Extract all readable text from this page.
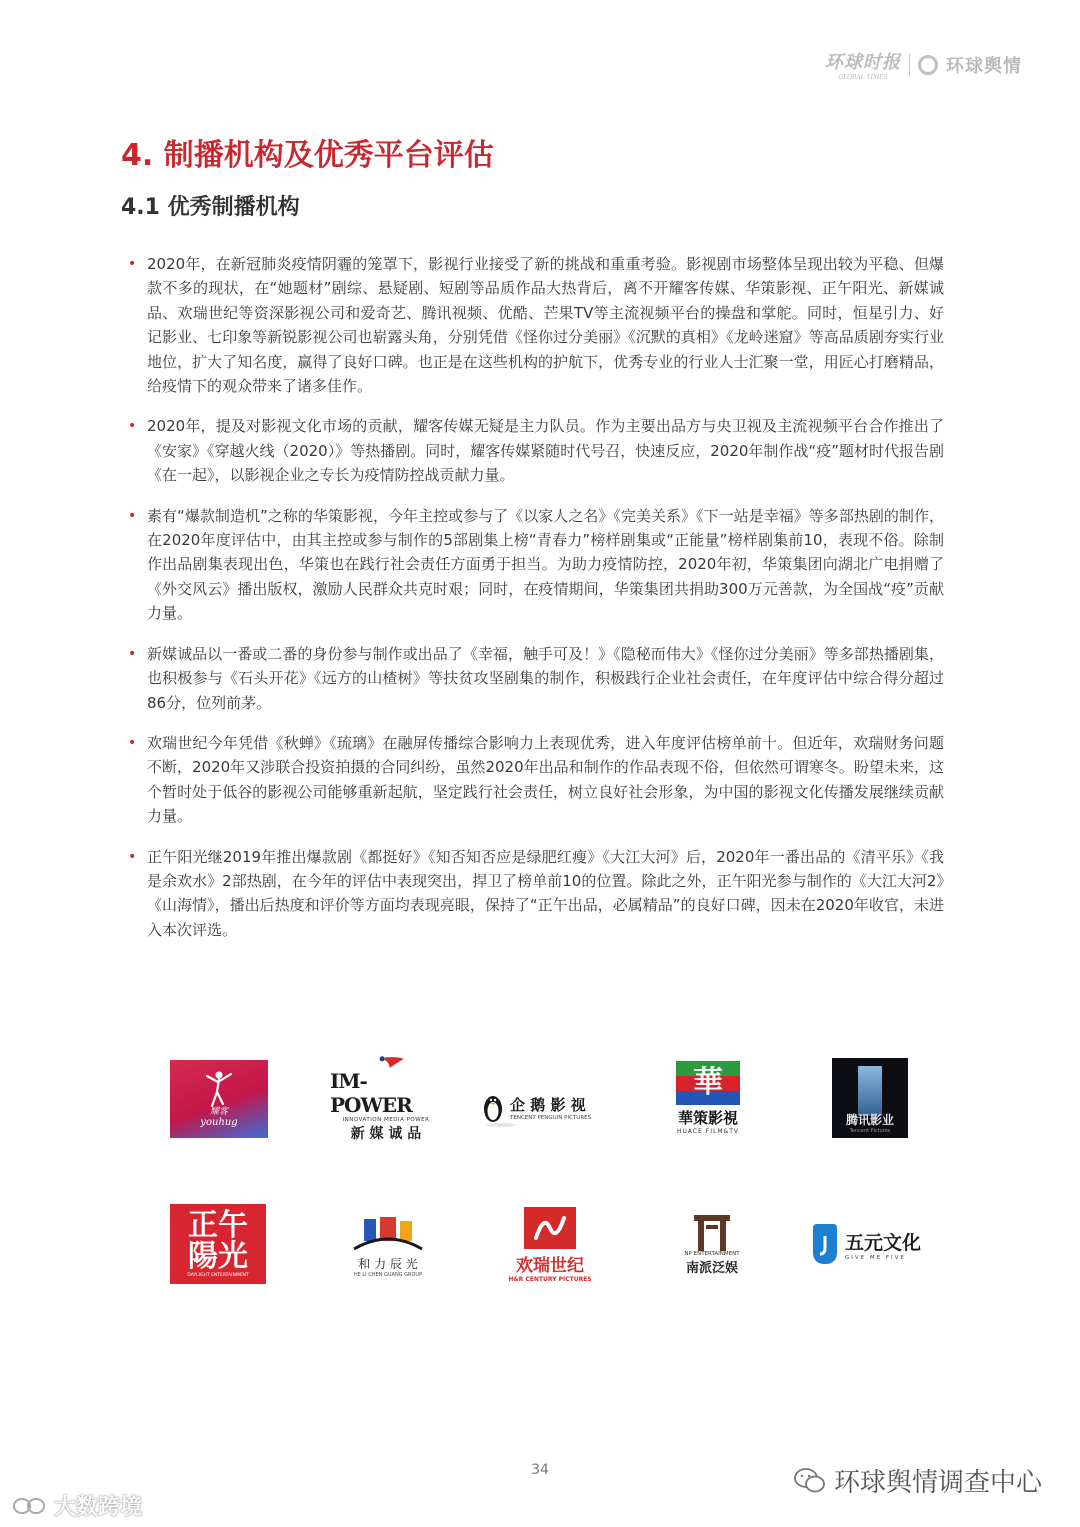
环球时报
GLOBAL TIMES
环球舆情
4. 制播机构及优秀平台评估
4.1 优秀制播机构
• 2020年，在新冠肺炎疫情阴霾的笼罩下，影视行业接受了新的挑战和重重考验。影视剧市场整体呈现出较为平稳、但爆款不多的现状，在“她题材”剧综、悬疑剧、短剧等品质作品大热背后，离不开耀客传媒、华策影视、正午阳光、新媒诚品、欢瑞世纪等资深影视公司和爱奇艺、腾讯视频、优酷、芒果TV等主流视频平台的操盘和掌舵。同时，恒星引力、好记影业、七印象等新锐影视公司也崭露头角，分别凭借《怪你过分美丽》《沉默的真相》《龙岭迷窟》等高品质剧夯实行业地位，扩大了知名度，赢得了良好口碑。也正是在这些机构的护航下，优秀专业的行业人士汇聚一堂，用匠心打磨精品，给疫情下的观众带来了诸多佳作。
• 2020年，提及对影视文化市场的贡献，耀客传媒无疑是主力队员。作为主要出品方与央卫视及主流视频平台合作推出了《安家》《穿越火线（2020）》等热播剧。同时，耀客传媒紧随时代号召，快速反应，2020年制作战“疫”题材时代报告剧《在一起》，以影视企业之专长为疫情防控战贡献力量。
• 素有“爆款制造机”之称的华策影视，今年主控或参与了《以家人之名》《完美关系》《下一站是幸福》等多部热剧的制作，在2020年度评估中，由其主控或参与制作的5部剧集上榜“青春力”榜样剧集或“正能量”榜样剧集前10，表现不俗。除制作出品剧集表现出色，华策也在践行社会责任方面勇于担当。为助力疫情防控，2020年初，华策集团向湖北广电捐赠了《外交风云》播出版权，激励人民群众共克时艰；同时，在疫情期间，华策集团共捐助300万元善款，为全国战“疫”贡献力量。
• 新媒诚品以一番或二番的身份参与制作或出品了《幸福，触手可及！》《隐秘而伟大》《怪你过分美丽》等多部热播剧集，也积极参与《石头开花》《远方的山楂树》等扶贫攻坚剧集的制作，积极践行企业社会责任，在年度评估中综合得分超过86分，位列前茅。
• 欢瑞世纪今年凭借《秋蝉》《琉璃》在融屏传播综合影响力上表现优秀，进入年度评估榜单前十。但近年，欢瑞财务问题不断，2020年又涉联合投资拍摄的合同纠纷，虽然2020年出品和制作的作品表现不俗，但依然可谓寒冬。盼望未来，这个暂时处于低谷的影视公司能够重新起航，坚定践行社会责任，树立良好社会形象，为中国的影视文化传播发展继续贡献力量。
• 正午阳光继2019年推出爆款剧《都挺好》《知否知否应是绿肥红瘦》《大江大河》后，2020年一番出品的《清平乐》《我是余欢水》2部热剧，在今年的评估中表现突出，捍卫了榜单前10的位置。除此之外，正午阳光参与制作的《大江大河2》《山海情》，播出后热度和评价等方面均表现亮眼，保持了“正午出品，必属精品”的良好口碑，因未在2020年收官，未进入本次评选。
耀客
youhug
IM-POWER
INNOVATION MEDIA POWER
新 媒 诚 品
企 鹅 影 视
TENCENT PENGUIN PICTURES
華
華策影視
HUACE FILM&TV
腾讯影业
Tencent Pictures
正午
陽光
DAYLIGHT ENTERTAINMENT
和 力 辰 光
HE LI CHEN GUANG GROUP	欢瑞世纪
H&R CENTURY PICTURES
NP ENTERTAINMENT
南派泛娱
五元文化
GIVE ME FIVE
34	环球舆情调查中心
大数跨境
